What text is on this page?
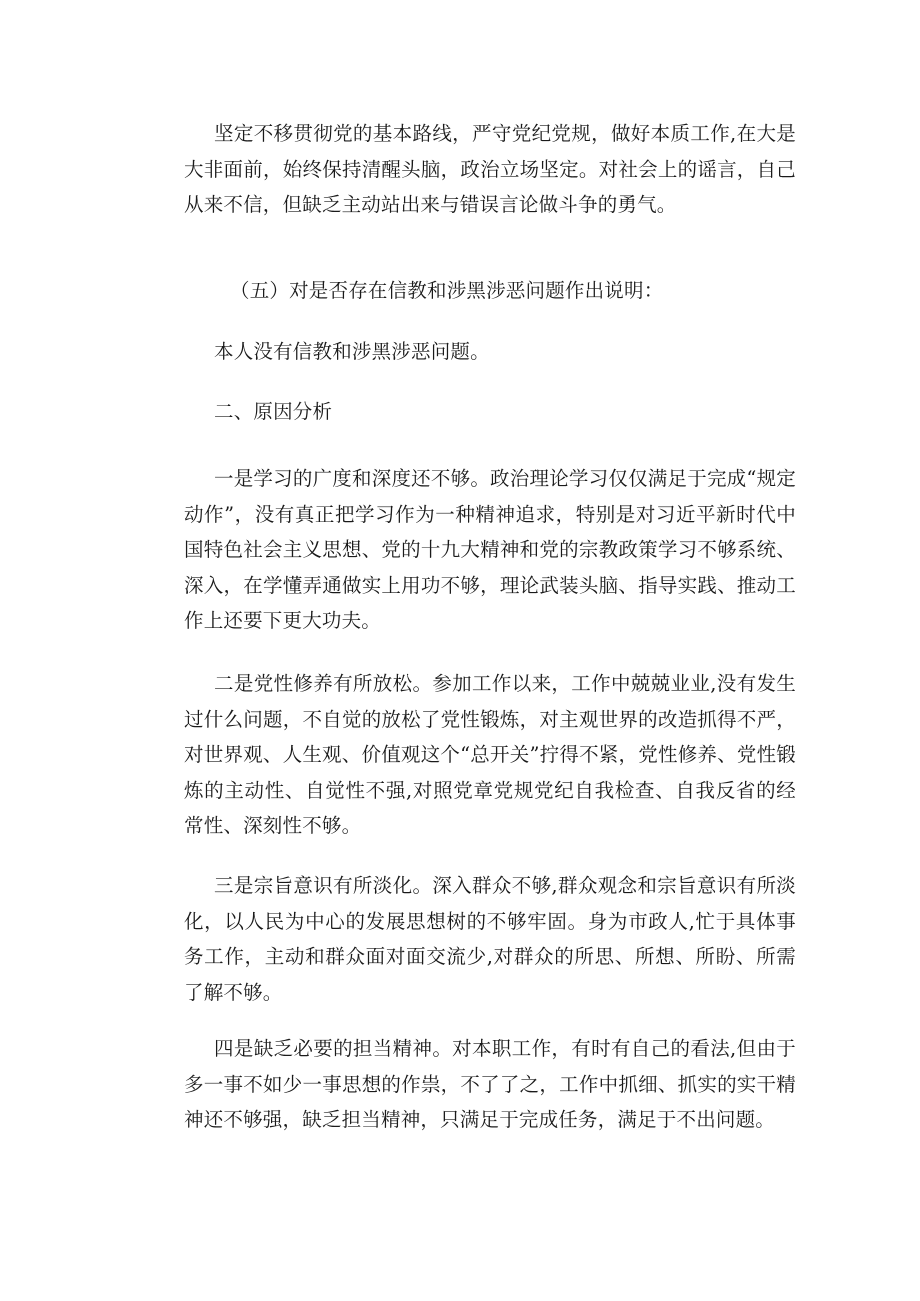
坚定不移贯彻党的基本路线，严守党纪党规，做好本质工作,在大是大非面前，始终保持清醒头脑，政治立场坚定。对社会上的谣言，自己从来不信，但缺乏主动站出来与错误言论做斗争的勇气。

（五）对是否存在信教和涉黑涉恶问题作出说明：

本人没有信教和涉黑涉恶问题。

二、原因分析

一是学习的广度和深度还不够。政治理论学习仅仅满足于完成“规定动作”，没有真正把学习作为一种精神追求，特别是对习近平新时代中国特色社会主义思想、党的十九大精神和党的宗教政策学习不够系统、深入，在学懂弄通做实上用功不够，理论武装头脑、指导实践、推动工作上还要下更大功夫。

二是党性修养有所放松。参加工作以来，工作中兢兢业业,没有发生过什么问题，不自觉的放松了党性锻炼，对主观世界的改造抓得不严，对世界观、人生观、价值观这个“总开关”拧得不紧，党性修养、党性锻炼的主动性、自觉性不强,对照党章党规党纪自我检查、自我反省的经常性、深刻性不够。

三是宗旨意识有所淡化。深入群众不够,群众观念和宗旨意识有所淡化，以人民为中心的发展思想树的不够牢固。身为市政人,忙于具体事务工作，主动和群众面对面交流少,对群众的所思、所想、所盼、所需了解不够。

四是缺乏必要的担当精神。对本职工作，有时有自己的看法,但由于多一事不如少一事思想的作祟，不了了之，工作中抓细、抓实的实干精神还不够强，缺乏担当精神，只满足于完成任务，满足于不出问题。
